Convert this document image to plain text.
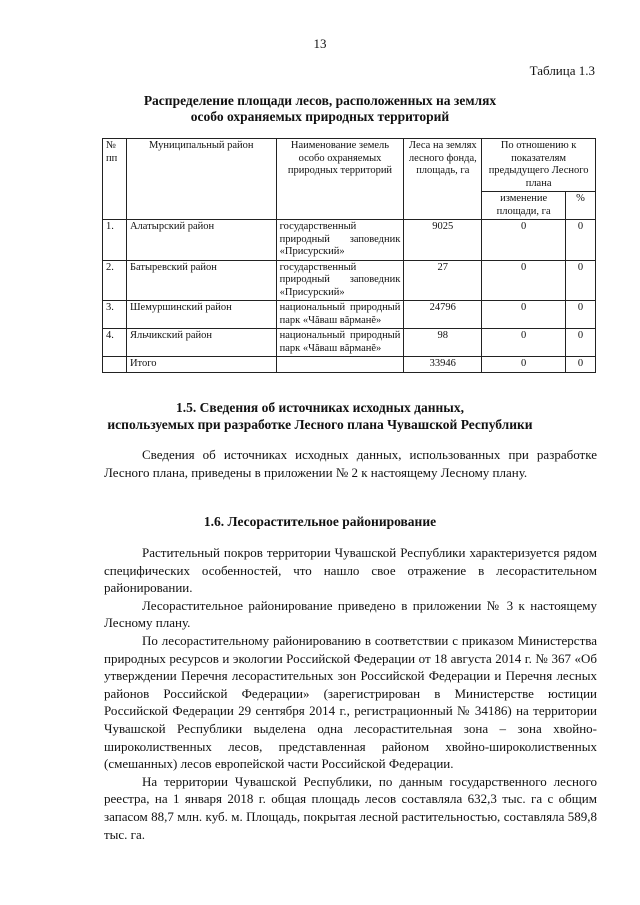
13
Таблица 1.3
Распределение площади лесов, расположенных на землях
особо охраняемых природных территорий
№ пп	Муниципальный район	Наименование земель особо охраняемых природных территорий	Леса на землях лесного фонда, площадь, га	По отношению к показателям предыдущего Лесного плана	
				изменение площади, га	%
1.	Алатырский район	государственный природный заповедник «Присурский»	9025	0	0
2.	Батыревский район	государственный природный заповедник «Присурский»	27	0	0
3.	Шемуршинский район	национальный природный парк «Чăваш вăрманĕ»	24796	0	0
4.	Яльчикский район	национальный природный парк «Чăваш вăрманĕ»	98	0	0
	Итого		33946	0	0
1.5. Сведения об источниках исходных данных,
используемых при разработке Лесного плана Чувашской Республики

Сведения об источниках исходных данных, использованных при разработке Лесного плана, приведены в приложении № 2 к настоящему Лесному плану.

1.6. Лесорастительное районирование

Растительный покров территории Чувашской Республики характеризуется рядом специфических особенностей, что нашло свое отражение в лесорастительном районировании.

Лесорастительное районирование приведено в приложении № 3 к настоящему Лесному плану.

По лесорастительному районированию в соответствии с приказом Министерства природных ресурсов и экологии Российской Федерации от 18 августа 2014 г. № 367 «Об утверждении Перечня лесорастительных зон Российской Федерации и Перечня лесных районов Российской Федерации» (зарегистрирован в Министерстве юстиции Российской Федерации 29 сентября 2014 г., регистрационный № 34186) на территории Чувашской Республики выделена одна лесорастительная зона – зона хвойно-широколиственных лесов, представленная районом хвойно-широколиственных (смешанных) лесов европейской части Российской Федерации.

На территории Чувашской Республики, по данным государственного лесного реестра, на 1 января 2018 г. общая площадь лесов составляла 632,3 тыс. га с общим запасом 88,7 млн. куб. м. Площадь, покрытая лесной растительностью, составляла 589,8 тыс. га.
